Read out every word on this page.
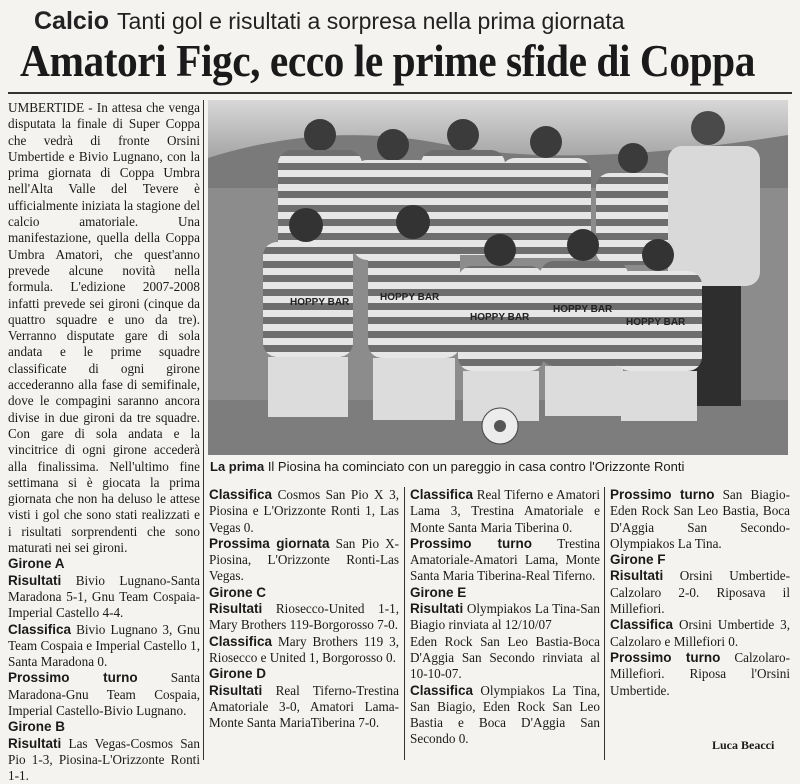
Calcio Tanti gol e risultati a sorpresa nella prima giornata
Amatori Figc, ecco le prime sfide di Coppa

UMBERTIDE - In attesa che venga disputata la finale di Super Coppa che vedrà di fronte Orsini Umbertide e Bivio Lugnano, con la prima giornata di Coppa Umbra nell'Alta Valle del Tevere è ufficialmente iniziata la stagione del calcio amatoriale. Una manifestazione, quella della Coppa Umbra Amatori, che quest'anno prevede alcune novità nella formula. L'edizione 2007-2008 infatti prevede sei gironi (cinque da quattro squadre e uno da tre). Verranno disputate gare di sola andata e le prime squadre classificate di ogni girone accederanno alla fase di semifinale, dove le compagini saranno ancora divise in due gironi da tre squadre. Con gare di sola andata e la vincitrice di ogni girone accederà alla finalissima. Nell'ultimo fine settimana si è giocata la prima giornata che non ha deluso le attese visti i gol che sono stati realizzati e i risultati sorprendenti che sono maturati nei sei gironi.

Girone A

Risultati Bivio Lugnano-Santa Maradona 5-1, Gnu Team Cospaia-Imperial Castello 4-4.

Classifica Bivio Lugnano 3, Gnu Team Cospaia e Imperial Castello 1, Santa Maradona 0.

Prossimo turno	Santa Maradona-Gnu Team Cospaia, Imperial Castello-Bivio Lugnano.

Girone B

Risultati Las Vegas-Cosmos San Pio 1-3, Piosina-L'Orizzonte Ronti 1-1.

HOPPY BAR	HOPPY BAR
HOPPY BAR
HOPPY BAR
HOPPY BAR
La prima Il Piosina ha cominciato con un pareggio in casa contro l'Orizzonte Ronti

Classifica Cosmos San Pio X 3, Piosina e L'Orizzonte Ronti 1, Las Vegas 0.

Prossima giornata San Pio X-Piosina, L'Orizzonte Ronti-Las Vegas.

Girone C

Risultati Riosecco-United 1-1, Mary Brothers 119-Borgorosso 7-0.

Classifica Mary Brothers 119 3, Riosecco e United 1, Borgorosso 0.

Girone D

Risultati Real Tiferno-Trestina Amatoriale 3-0, Amatori Lama-Monte Santa MariaTiberina 7-0.

Classifica Real Tiferno e Amatori Lama 3, Trestina Amatoriale e Monte Santa Maria Tiberina 0.

Prossimo turno Trestina Amatoriale-Amatori Lama, Monte Santa Maria Tiberina-Real Tiferno.

Girone E

Risultati Olympiakos La Tina-San Biagio rinviata al 12/10/07

Eden Rock San Leo Bastia-Boca D'Aggia San Secondo rinviata al 10-10-07.

Classifica Olympiakos La Tina, San Biagio, Eden Rock San Leo Bastia e Boca D'Aggia San Secondo 0.

Prossimo turno San Biagio-Eden Rock San Leo Bastia, Boca D'Aggia San Secondo-Olympiakos La Tina.

Girone F

Risultati Orsini Umbertide-Calzolaro 2-0. Riposava il Millefiori.

Classifica Orsini Umbertide 3, Calzolaro e Millefiori 0.

Prossimo turno Calzolaro-Millefiori. Riposa l'Orsini Umbertide.

Luca Beacci
